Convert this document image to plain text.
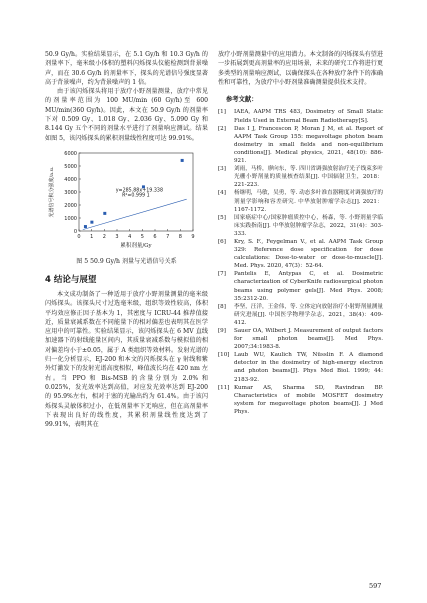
50.9 Gy/h。实验结果显示，在 5.1 Gy/h 和 10.3 Gy/h 的剂量率下，毫米级小体积的塑料闪烁探头仪能检测到背景噪声，而在 30.6 Gy/h 的剂量率下，探头的光谱信号强度显著高于背景噪声，约为背景噪声的 1 倍。

由于该闪烁探头将用于放疗小野剂量测量，放疗中常见的剂量率范围为 100 MU/min (60 Gy/h)至 600 MU/min(360 Gy/h)。因此，本文在 50.9 Gy/h 的剂量率下对 0.509 Gy、1.018 Gy、2.036 Gy、5.090 Gy 和 8.144 Gy 五个不同的剂量水平进行了剂量响应测试。结果如图 5，该闪烁探头的累积剂量线性程度可达 99.91%。

0 1 2 3 4 5 6 7 8 9
0
1000
2000
3000
4000
5000
6000
累积剂量/Gy
光谱信号积分强度/a.u.	y=285.88x+19.338
R²=0.999 1
图 5 50.9 Gy/h 剂量与光谱信号关系
4 结论与展望

本文成功制备了一种适用于放疗小野剂量测量的毫米级闪烁探头。该探头尺寸过选毫米级，组织等效性较高，体积平均效应修正因子基本为 1，其密度与 ICRU-44 推荐值接近，质量衰减系数在不同能量下的相对偏差也表明其在医学应用中的可靠性。实验结果显示，该闪烁探头在 6 MV 直线加速器下的射线能量区间内，其质量衰减系数与模拟值的相对偏差均小于±0.05，属于 A 类组织等效材料。发射光谱的归一化分析显示，EJ-200 和本文的闪烁探头在 γ 射线和紫外灯激发下的发射光谱高度相似，峰值波长均在 420 nm 左右。当 PPO 和 Bis-MSB 的含量分别为 2.0% 和 0.025%，发光效率达到高值，对应发光效率达到 EJ-200 的 95.9%左右，相对于塞的光输出约为 61.4%。由于该闪烁探头灵敏体积过小，在低剂量率下无响应，但在高剂量率下表现出良好的线性度，其累积剂量线性度达到了 99.91%，表明其在

放疗小野剂量测量中的应用潜力。本文制备的闪烁探头有望进一步拓展到更高剂量率的应用场景，未来的研究工作将进行更多类型的剂量响应测试，以确保探头在各种放疗条件下的准确性和可靠性，为放疗中小野剂量准确测量提供技术支持。

参考文献：
[1]	IAEA, AAPM TRS 483, Dosimetry of Small Static Fields Used in External Beam Radiotherapy[S].
[2]	Das I J, Francescon P, Moran J M, et al. Report of AAPM Task Group 155: megavoltage photon beam dosimetry in small fields and non-equilibrium conditions[J]. Medical physics, 2021, 48(10): 886-921.
[3]	刘雨，马桥，廖向东，等. 四川省调强放射治疗光子线束多叶光栅小野剂量的质量核查结果[J]. 中国辐射卫生，2018：221-223.
[4]	杨继明，马敏，吴勇，等. 动态多叶准直器精度对调强放疗的剂量学影响和容差研究. 中华放射肿瘤学杂志[J]. 2021：1167-1172.
[5]	国家癌症中心/国家肿瘤质控中心，杨森，等. 小野剂量学临床实践指南[J]. 中华放射肿瘤学杂志，2022，31(4)：303-333.
[6]	Kry, S. F., Feygelman V., et al. AAPM Task Group 329: Reference dose specification for dose calculations: Dose-to-water or dose-to-muscle[J]. Med. Phys. 2020, 47(3)：52-64.
[7]	Pantelis E, Antypas C, et al. Dosimetric characterization of CyberKnife radiosurgical photon beams using polymer gels[J]. Med Phys. 2008; 35:2312-20.
[8]	李坚，汪洋，王金伟，等. 立体定向放射治疗小射野剂量测量研究进展[J]. 中国医学物理学杂志，2021，38(4)：409-412.
[9]	Sauer OA, Wilbert J. Measurement of output factors for small photon beams[J]. Med Phys. 2007;34:1983-8.
[10] Laub WU, Kaulich TW, Nüsslin F. A diamond detector in the dosimetry of high-energy electron and photon beams[J]. Phys Med Biol. 1999; 44: 2183-92.
[11] Kumar AS, Sharma SD, Ravindran BP. Characteristics of mobile MOSFET dosimetry system for megavoltage photon beams[J]. J Med Phys.
597
